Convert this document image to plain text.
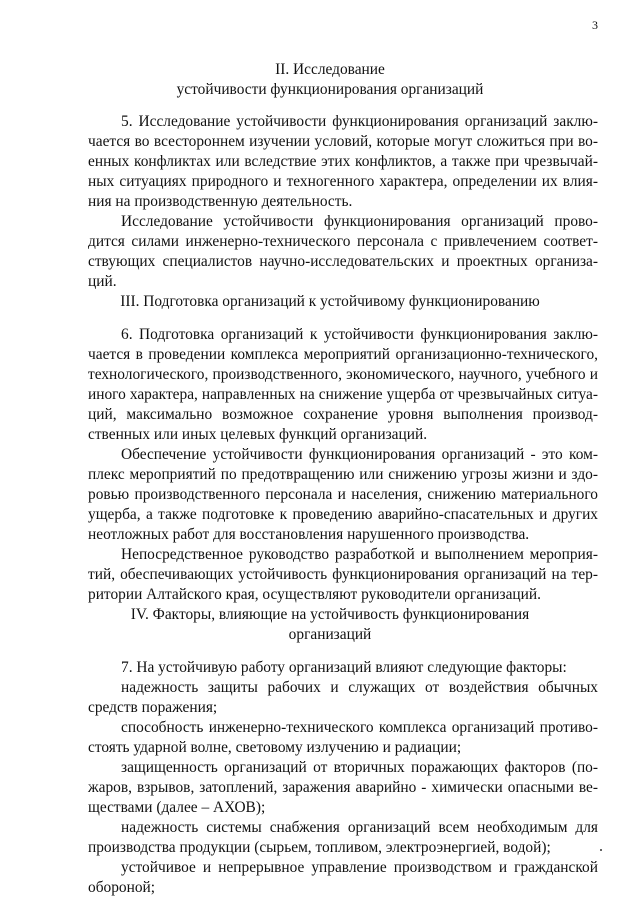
3
II. Исследование
устойчивости функционирования организаций
5. Исследование устойчивости функционирования организаций заклю-
чается во всестороннем изучении условий, которые могут сложиться при во-
енных конфликтах или вследствие этих конфликтов, а также при чрезвычай-
ных ситуациях природного и техногенного характера, определении их влия-
ния на производственную деятельность.
Исследование устойчивости функционирования организаций прово-
дится силами инженерно-технического персонала с привлечением соответ-
ствующих специалистов научно-исследовательских и проектных организа-
ций.
III. Подготовка организаций к устойчивому функционированию
6. Подготовка организаций к устойчивости функционирования заклю-
чается в проведении комплекса мероприятий организационно-технического,
технологического, производственного, экономического, научного, учебного и
иного характера, направленных на снижение ущерба от чрезвычайных ситуа-
ций, максимально возможное сохранение уровня выполнения производ-
ственных или иных целевых функций организаций.
Обеспечение устойчивости функционирования организаций - это ком-
плекс мероприятий по предотвращению или снижению угрозы жизни и здо-
ровью производственного персонала и населения, снижению материального
ущерба, а также подготовке к проведению аварийно-спасательных и других
неотложных работ для восстановления нарушенного производства.
Непосредственное руководство разработкой и выполнением мероприя-
тий, обеспечивающих устойчивость функционирования организаций на тер-
ритории Алтайского края, осуществляют руководители организаций.
IV. Факторы, влияющие на устойчивость функционирования
организаций
7. На устойчивую работу организаций влияют следующие факторы:
надежность защиты рабочих и служащих от воздействия обычных
средств поражения;
способность инженерно-технического комплекса организаций противо-
стоять ударной волне, световому излучению и радиации;
защищенность организаций от вторичных поражающих факторов (по-
жаров, взрывов, затоплений, заражения аварийно - химически опасными ве-
ществами (далее – АХОВ);
надежность системы снабжения организаций всем необходимым для
производства продукции (сырьем, топливом, электроэнергией, водой);
устойчивое и непрерывное управление производством и гражданской
обороной;
